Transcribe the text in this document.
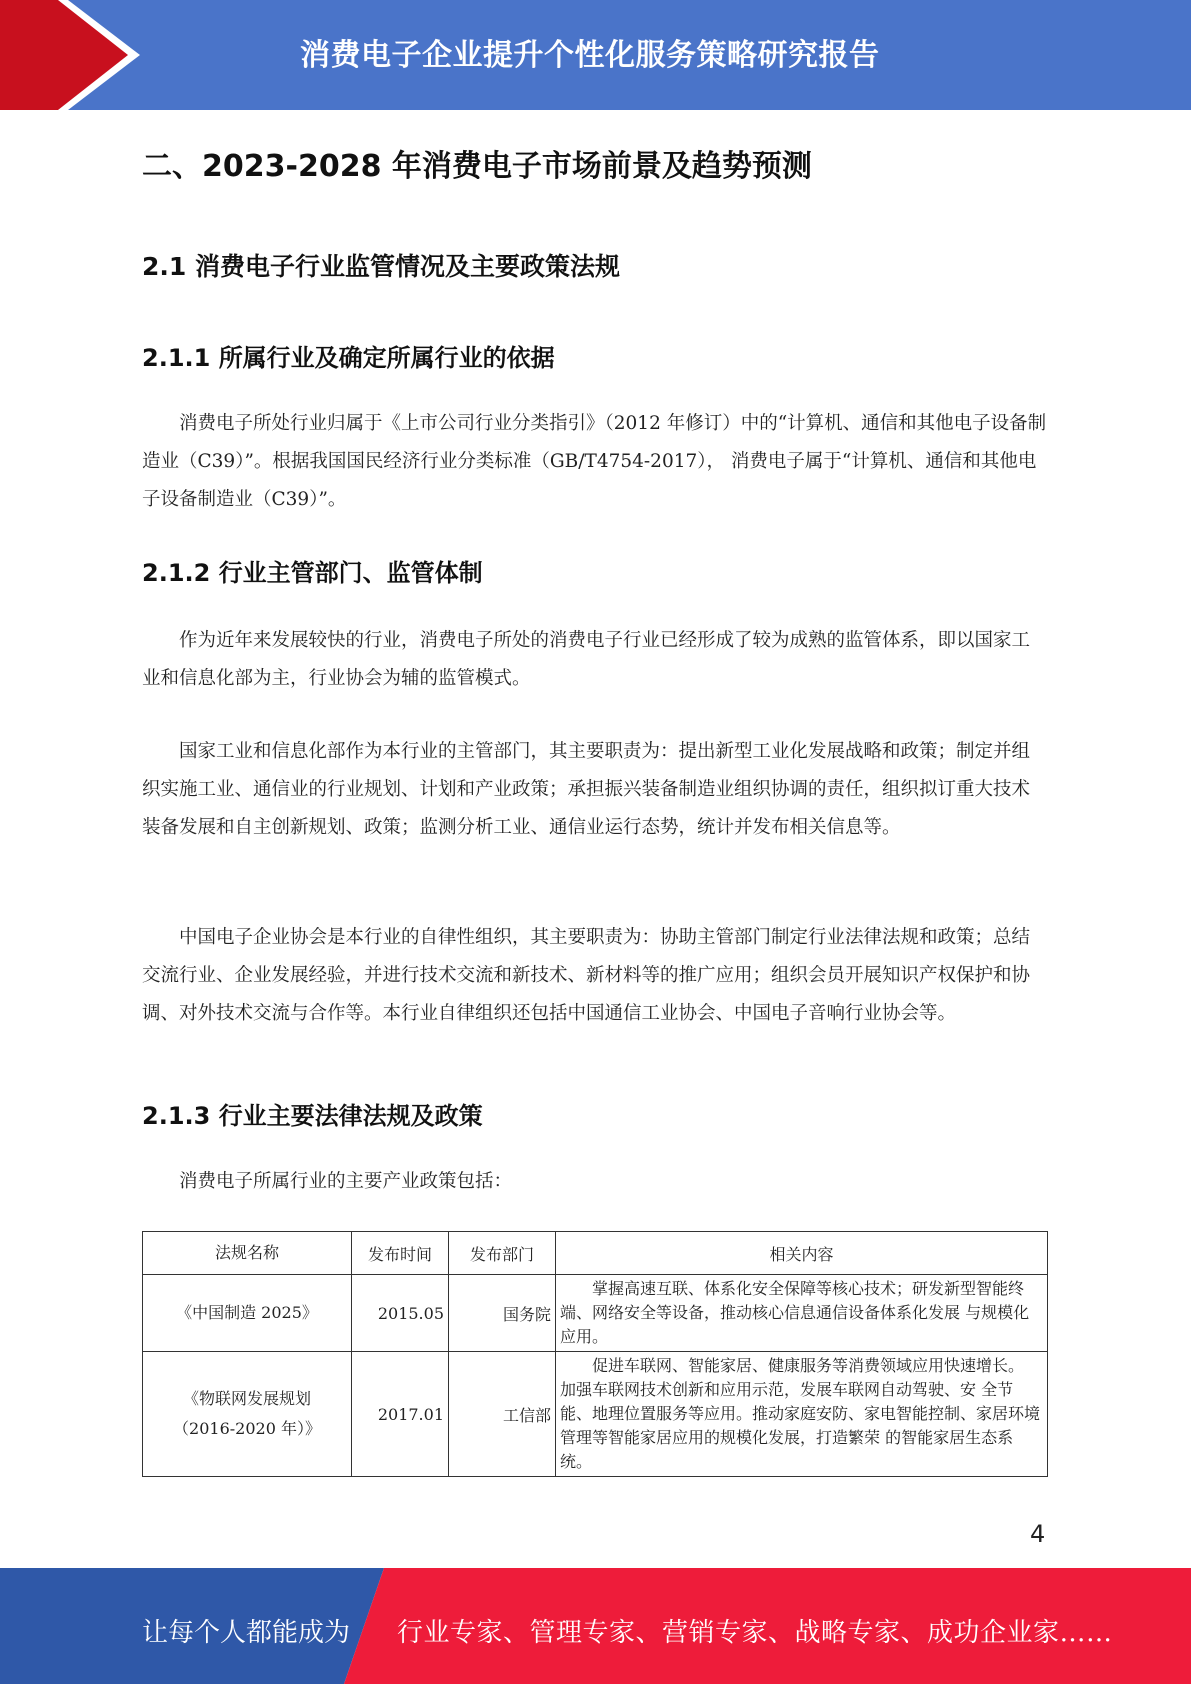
消费电子企业提升个性化服务策略研究报告
二、2023-2028 年消费电子市场前景及趋势预测
2.1 消费电子行业监管情况及主要政策法规
2.1.1 所属行业及确定所属行业的依据

消费电子所处行业归属于《上市公司行业分类指引》（2012 年修订）中的“计算机、通信和其他电子设备制造业（C39）”。根据我国国民经济行业分类标准（GB/T4754-2017）， 消费电子属于“计算机、通信和其他电子设备制造业（C39）”。

2.1.2 行业主管部门、监管体制

作为近年来发展较快的行业，消费电子所处的消费电子行业已经形成了较为成熟的监管体系，即以国家工业和信息化部为主，行业协会为辅的监管模式。

国家工业和信息化部作为本行业的主管部门，其主要职责为：提出新型工业化发展战略和政策；制定并组织实施工业、通信业的行业规划、计划和产业政策；承担振兴装备制造业组织协调的责任，组织拟订重大技术装备发展和自主创新规划、政策；监测分析工业、通信业运行态势，统计并发布相关信息等。

中国电子企业协会是本行业的自律性组织，其主要职责为：协助主管部门制定行业法律法规和政策；总结交流行业、企业发展经验，并进行技术交流和新技术、新材料等的推广应用；组织会员开展知识产权保护和协调、对外技术交流与合作等。本行业自律组织还包括中国通信工业协会、中国电子音响行业协会等。

2.1.3 行业主要法律法规及政策

消费电子所属行业的主要产业政策包括：

法规名称	发布时间	发布部门	相关内容
《中国制造 2025》	2015.05	国务院	掌握高速互联、体系化安全保障等核心技术；研发新型智能终端、网络安全等设备，推动核心信息通信设备体系化发展 与规模化应用。

《物联网发展规划
（2016-2020 年）》	2017.01	工信部	促进车联网、智能家居、健康服务等消费领域应用快速增长。 加强车联网技术创新和应用示范，发展车联网自动驾驶、安 全节能、地理位置服务等应用。推动家庭安防、家电智能控制、家居环境管理等智能家居应用的规模化发展，打造繁荣 的智能家居生态系统。
4
让每个人都能成为 行业专家、管理专家、营销专家、战略专家、成功企业家……
